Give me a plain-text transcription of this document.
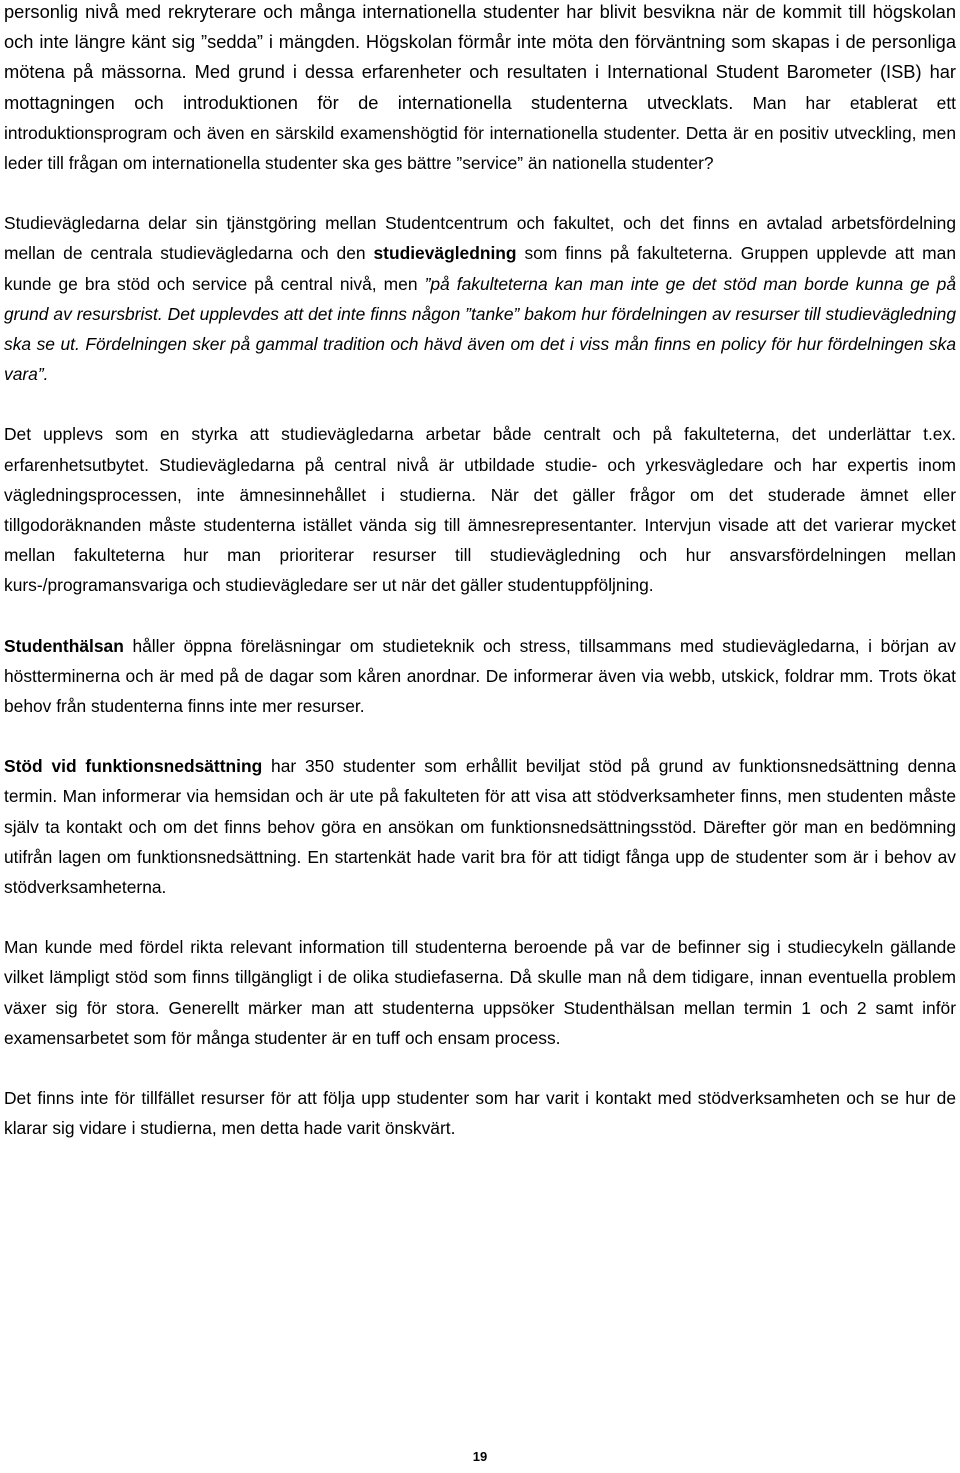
personlig nivå med rekryterare och många internationella studenter har blivit besvikna när de kommit till högskolan och inte längre känt sig ”sedda” i mängden. Högskolan förmår inte möta den förväntning som skapas i de personliga mötena på mässorna. Med grund i dessa erfarenheter och resultaten i International Student Barometer (ISB) har mottagningen och introduktionen för de internationella studenterna utvecklats. Man har etablerat ett introduktionsprogram och även en särskild examenshögtid för internationella studenter. Detta är en positiv utveckling, men leder till frågan om internationella studenter ska ges bättre ”service” än nationella studenter?

Studievägledarna delar sin tjänstgöring mellan Studentcentrum och fakultet, och det finns en avtalad arbetsfördelning mellan de centrala studievägledarna och den studievägledning som finns på fakulteterna. Gruppen upplevde att man kunde ge bra stöd och service på central nivå, men ”på fakulteterna kan man inte ge det stöd man borde kunna ge på grund av resursbrist. Det upplevdes att det inte finns någon ”tanke” bakom hur fördelningen av resurser till studievägledning ska se ut. Fördelningen sker på gammal tradition och hävd även om det i viss mån finns en policy för hur fördelningen ska vara”.

Det upplevs som en styrka att studievägledarna arbetar både centralt och på fakulteterna, det underlättar t.ex. erfarenhetsutbytet. Studievägledarna på central nivå är utbildade studie- och yrkesvägledare och har expertis inom vägledningsprocessen, inte ämnesinnehållet i studierna. När det gäller frågor om det studerade ämnet eller tillgodoräknanden måste studenterna istället vända sig till ämnesrepresentanter. Intervjun visade att det varierar mycket mellan fakulteterna hur man prioriterar resurser till studievägledning och hur ansvarsfördelningen mellan kurs-/programansvariga och studievägledare ser ut när det gäller studentuppföljning.

Studenthälsan håller öppna föreläsningar om studieteknik och stress, tillsammans med studievägledarna, i början av höstterminerna och är med på de dagar som kåren anordnar. De informerar även via webb, utskick, foldrar mm. Trots ökat behov från studenterna finns inte mer resurser.

Stöd vid funktionsnedsättning har 350 studenter som erhållit beviljat stöd på grund av funktionsnedsättning denna termin. Man informerar via hemsidan och är ute på fakulteten för att visa att stödverksamheter finns, men studenten måste själv ta kontakt och om det finns behov göra en ansökan om funktionsnedsättningsstöd. Därefter gör man en bedömning utifrån lagen om funktionsnedsättning. En startenkät hade varit bra för att tidigt fånga upp de studenter som är i behov av stödverksamheterna.

Man kunde med fördel rikta relevant information till studenterna beroende på var de befinner sig i studiecykeln gällande vilket lämpligt stöd som finns tillgängligt i de olika studiefaserna. Då skulle man nå dem tidigare, innan eventuella problem växer sig för stora. Generellt märker man att studenterna uppsöker Studenthälsan mellan termin 1 och 2 samt inför examensarbetet som för många studenter är en tuff och ensam process.

Det finns inte för tillfället resurser för att följa upp studenter som har varit i kontakt med stödverksamheten och se hur de klarar sig vidare i studierna, men detta hade varit önskvärt.

19
